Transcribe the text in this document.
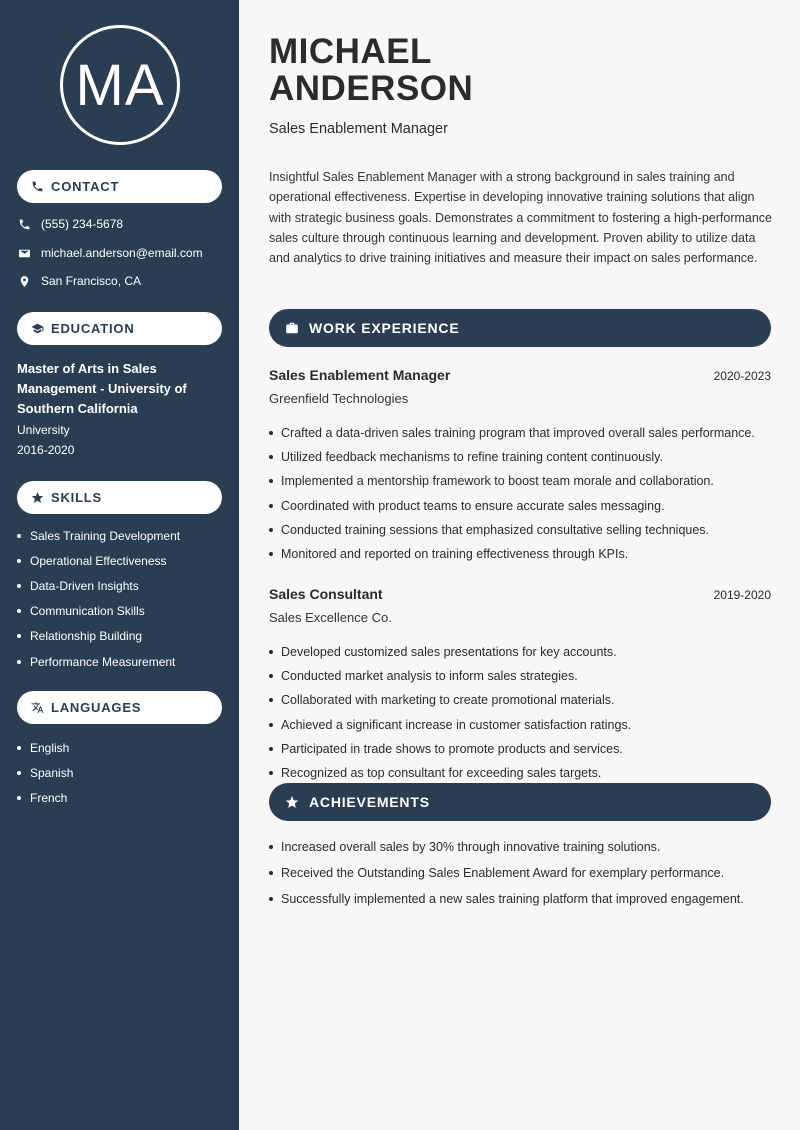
MA
CONTACT
(555) 234-5678
michael.anderson@email.com
San Francisco, CA
EDUCATION
Master of Arts in Sales Management - University of Southern California
University
2016-2020
SKILLS
Sales Training Development
Operational Effectiveness
Data-Driven Insights
Communication Skills
Relationship Building
Performance Measurement
LANGUAGES
English
Spanish
French
MICHAEL
ANDERSON
Sales Enablement Manager
Insightful Sales Enablement Manager with a strong background in sales training and operational effectiveness. Expertise in developing innovative training solutions that align with strategic business goals. Demonstrates a commitment to fostering a high-performance sales culture through continuous learning and development. Proven ability to utilize data and analytics to drive training initiatives and measure their impact on sales performance.
WORK EXPERIENCE
Sales Enablement Manager	2020-2023
Greenfield Technologies
Crafted a data-driven sales training program that improved overall sales performance.
Utilized feedback mechanisms to refine training content continuously.
Implemented a mentorship framework to boost team morale and collaboration.
Coordinated with product teams to ensure accurate sales messaging.
Conducted training sessions that emphasized consultative selling techniques.
Monitored and reported on training effectiveness through KPIs.
Sales Consultant	2019-2020
Sales Excellence Co.
Developed customized sales presentations for key accounts.
Conducted market analysis to inform sales strategies.
Collaborated with marketing to create promotional materials.
Achieved a significant increase in customer satisfaction ratings.
Participated in trade shows to promote products and services.
Recognized as top consultant for exceeding sales targets.
ACHIEVEMENTS
Increased overall sales by 30% through innovative training solutions.
Received the Outstanding Sales Enablement Award for exemplary performance.
Successfully implemented a new sales training platform that improved engagement.
